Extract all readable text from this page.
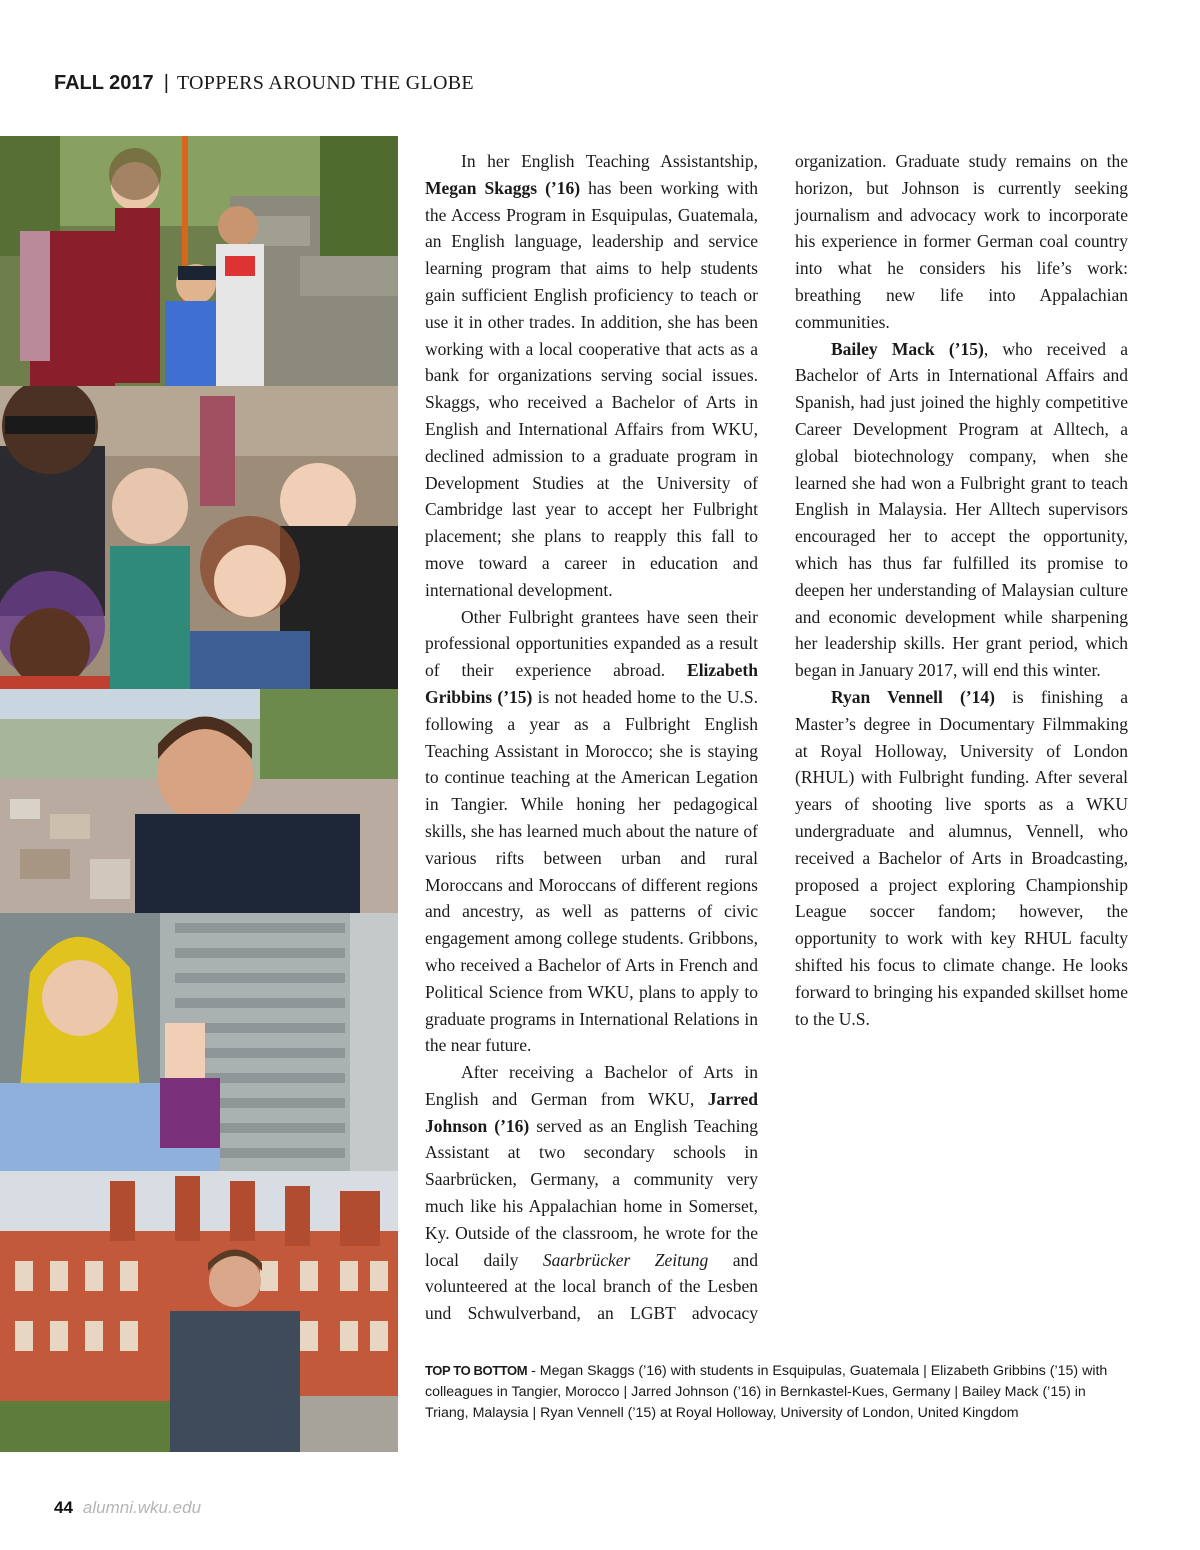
FALL 2017 | TOPPERS AROUND THE GLOBE

In her English Teaching Assistantship, Megan Skaggs (’16) has been working with the Access Program in Esquipulas, Guatemala, an English language, leadership and service learning program that aims to help students gain sufficient English proficiency to teach or use it in other trades. In addition, she has been working with a local cooperative that acts as a bank for organizations serving social issues. Skaggs, who received a Bachelor of Arts in English and International Affairs from WKU, declined admission to a graduate program in Development Studies at the University of Cambridge last year to accept her Fulbright placement; she plans to reapply this fall to move toward a career in education and international development.

Other Fulbright grantees have seen their professional opportunities expanded as a result of their experience abroad. Elizabeth Gribbins (’15) is not headed home to the U.S. following a year as a Fulbright English Teaching Assistant in Morocco; she is staying to continue teaching at the American Legation in Tangier. While honing her pedagogical skills, she has learned much about the nature of various rifts between urban and rural Moroccans and Moroccans of different regions and ancestry, as well as patterns of civic engagement among college students. Gribbons, who received a Bachelor of Arts in French and Political Science from WKU, plans to apply to graduate programs in International Relations in the near future.

After receiving a Bachelor of Arts in English and German from WKU, Jarred Johnson (’16) served as an English Teaching Assistant at two secondary schools in Saarbrücken, Germany, a community very much like his Appalachian home in Somerset, Ky. Outside of the classroom, he wrote for the local daily Saarbrücker Zeitung and volunteered at the local branch of the Lesben und Schwulverband, an LGBT advocacy organization. Graduate study remains on the horizon, but Johnson is currently seeking journalism and advocacy work to incorporate his experience in former German coal country into what he considers his life’s work: breathing new life into Appalachian communities.

Bailey Mack (’15), who received a Bachelor of Arts in International Affairs and Spanish, had just joined the highly competitive Career Development Program at Alltech, a global biotechnology company, when she learned she had won a Fulbright grant to teach English in Malaysia. Her Alltech supervisors encouraged her to accept the opportunity, which has thus far fulfilled its promise to deepen her understanding of Malaysian culture and economic development while sharpening her leadership skills. Her grant period, which began in January 2017, will end this winter.

Ryan Vennell (’14) is finishing a Master’s degree in Documentary Filmmaking at Royal Holloway, University of London (RHUL) with Fulbright funding. After several years of shooting live sports as a WKU undergraduate and alumnus, Vennell, who received a Bachelor of Arts in Broadcasting, proposed a project exploring Championship League soccer fandom; however, the opportunity to work with key RHUL faculty shifted his focus to climate change. He looks forward to bringing his expanded skillset home to the U.S.

TOP TO BOTTOM - Megan Skaggs (’16) with students in Esquipulas, Guatemala | Elizabeth Gribbins (’15) with colleagues in Tangier, Morocco | Jarred Johnson (’16) in Bernkastel-Kues, Germany | Bailey Mack (’15) in Triang, Malaysia | Ryan Vennell (’15) at Royal Holloway, University of London, United Kingdom
44 alumni.wku.edu
